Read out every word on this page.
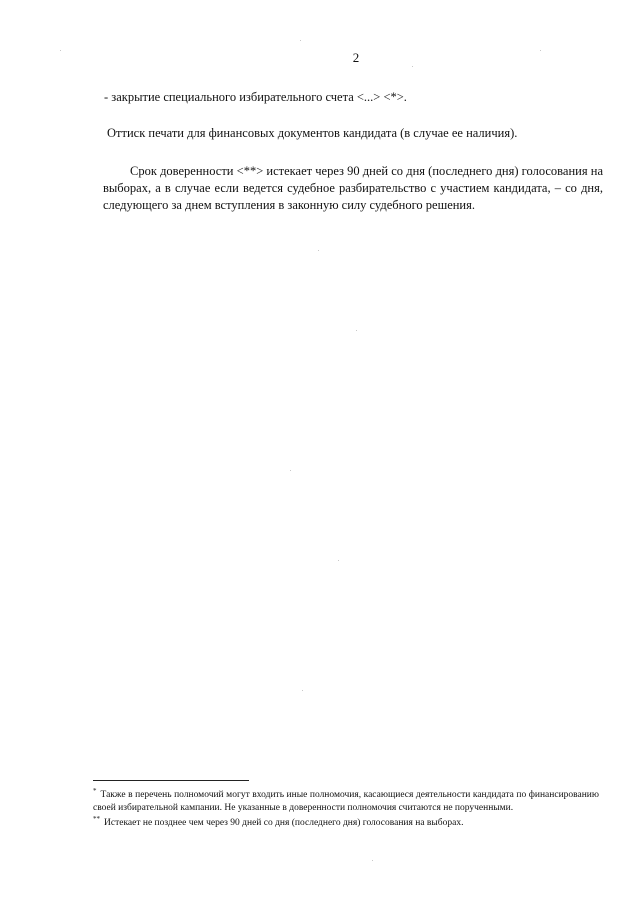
2
- закрытие специального избирательного счета <...> <*>.
Оттиск печати для финансовых документов кандидата (в случае ее наличия).
Срок доверенности <**> истекает через 90 дней со дня (последнего дня) голосования на выборах, а в случае если ведется судебное разбирательство с участием кандидата, – со дня, следующего за днем вступления в законную силу судебного решения.

* Также в перечень полномочий могут входить иные полномочия, касающиеся деятельности кандидата по финансированию своей избирательной кампании. Не указанные в доверенности полномочия считаются не порученными.

** Истекает не позднее чем через 90 дней со дня (последнего дня) голосования на выборах.
